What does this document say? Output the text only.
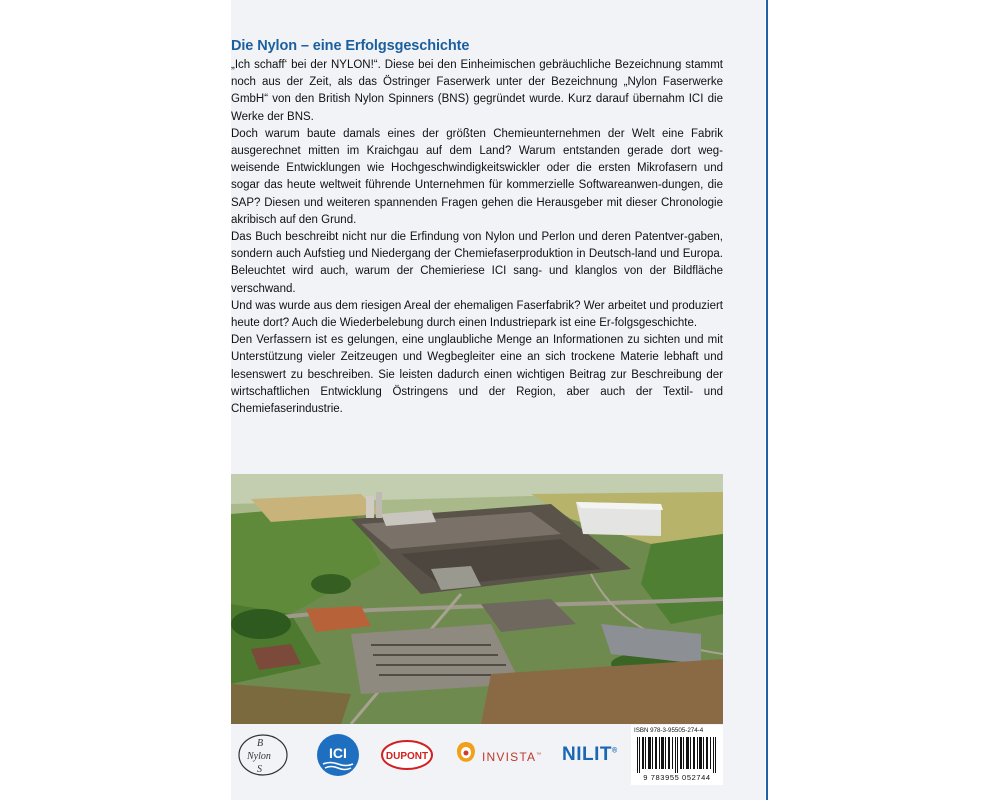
Die Nylon – eine Erfolgsgeschichte

„Ich schaff‘ bei der NYLON!“. Diese bei den Einheimischen gebräuchliche Bezeichnung stammt noch aus der Zeit, als das Östringer Faserwerk unter der Bezeichnung „Nylon Faserwerke GmbH“ von den British Nylon Spinners (BNS) gegründet wurde. Kurz darauf übernahm ICI die Werke der BNS.

Doch warum baute damals eines der größten Chemieunternehmen der Welt eine Fabrik ausgerechnet mitten im Kraichgau auf dem Land? Warum entstanden gerade dort weg-weisende Entwicklungen wie Hochgeschwindigkeitswickler oder die ersten Mikrofasern und sogar das heute weltweit führende Unternehmen für kommerzielle Softwareanwen-dungen, die SAP? Diesen und weiteren spannenden Fragen gehen die Herausgeber mit dieser Chronologie akribisch auf den Grund.

Das Buch beschreibt nicht nur die Erfindung von Nylon und Perlon und deren Patentver-gaben, sondern auch Aufstieg und Niedergang der Chemiefaserproduktion in Deutsch-land und Europa. Beleuchtet wird auch, warum der Chemieriese ICI sang- und klanglos von der Bildfläche verschwand.

Und was wurde aus dem riesigen Areal der ehemaligen Faserfabrik? Wer arbeitet und produziert heute dort? Auch die Wiederbelebung durch einen Industriepark ist eine Er-folgsgeschichte.

Den Verfassern ist es gelungen, eine unglaubliche Menge an Informationen zu sichten und mit Unterstützung vieler Zeitzeugen und Wegbegleiter eine an sich trockene Materie lebhaft und lesenswert zu beschreiben. Sie leisten dadurch einen wichtigen Beitrag zur Beschreibung der wirtschaftlichen Entwicklung Östringens und der Region, aber auch der Textil- und Chemiefaserindustrie.

B
Nylon
S
ICI	DUPONT	INVISTA™ NILIT®
ISBN 978-3-95505-274-4
9 783955 052744
